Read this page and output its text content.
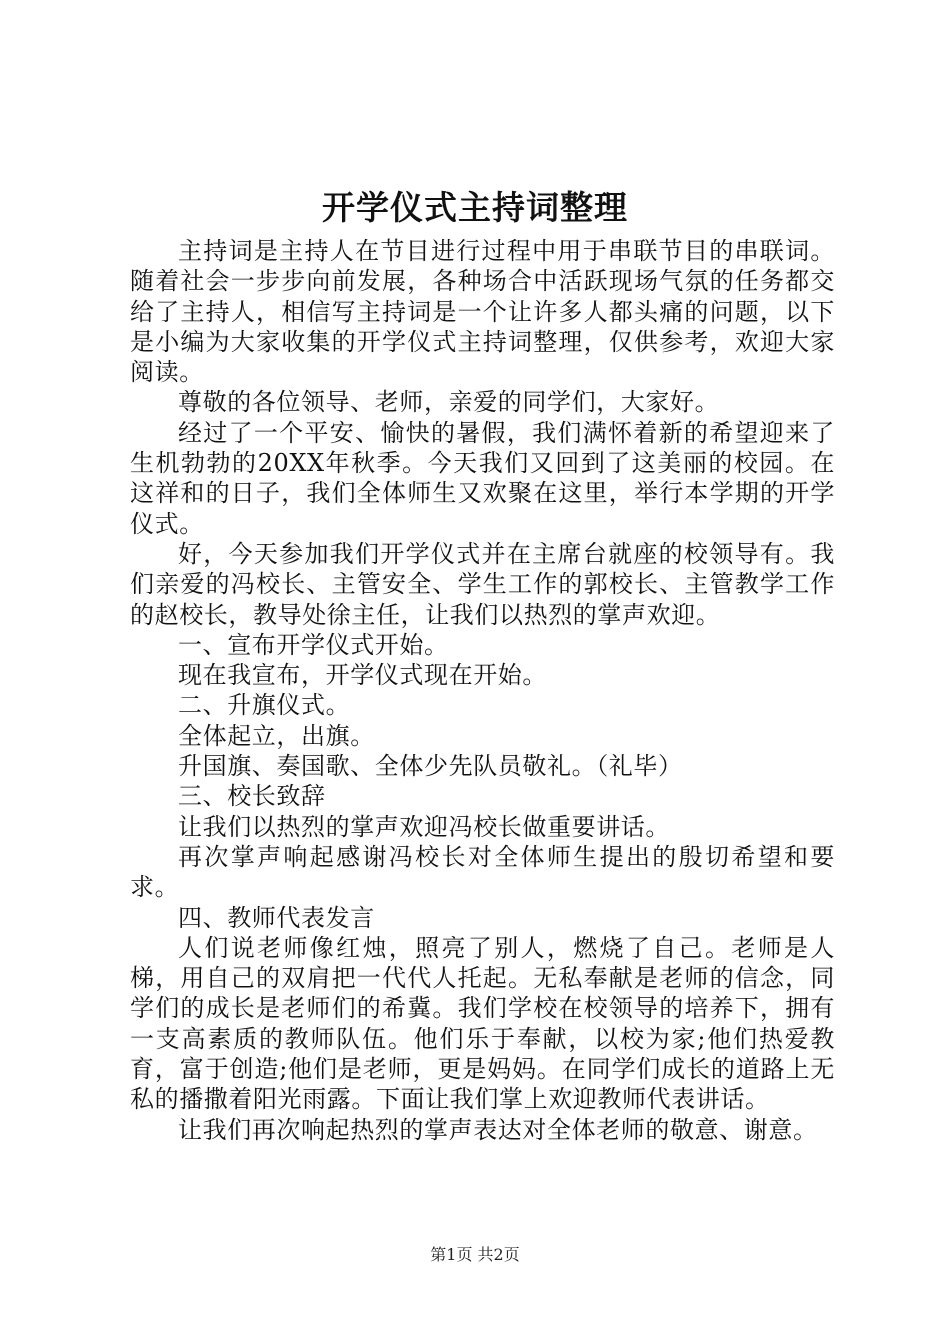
开学仪式主持词整理

主持词是主持人在节目进行过程中用于串联节目的串联词。随着社会一步步向前发展，各种场合中活跃现场气氛的任务都交给了主持人，相信写主持词是一个让许多人都头痛的问题，以下是小编为大家收集的开学仪式主持词整理，仅供参考，欢迎大家阅读。

尊敬的各位领导、老师，亲爱的同学们，大家好。

经过了一个平安、愉快的暑假，我们满怀着新的希望迎来了生机勃勃的20XX年秋季。今天我们又回到了这美丽的校园。在这祥和的日子，我们全体师生又欢聚在这里，举行本学期的开学仪式。

好，今天参加我们开学仪式并在主席台就座的校领导有。我们亲爱的冯校长、主管安全、学生工作的郭校长、主管教学工作的赵校长，教导处徐主任，让我们以热烈的掌声欢迎。

一、宣布开学仪式开始。

现在我宣布，开学仪式现在开始。

二、升旗仪式。

全体起立，出旗。

升国旗、奏国歌、全体少先队员敬礼。（礼毕）

三、校长致辞

让我们以热烈的掌声欢迎冯校长做重要讲话。

再次掌声响起感谢冯校长对全体师生提出的殷切希望和要求。

四、教师代表发言

人们说老师像红烛，照亮了别人，燃烧了自己。老师是人梯，用自己的双肩把一代代人托起。无私奉献是老师的信念，同学们的成长是老师们的希冀。我们学校在校领导的培养下，拥有一支高素质的教师队伍。他们乐于奉献，以校为家;他们热爱教育，富于创造;他们是老师，更是妈妈。在同学们成长的道路上无私的播撒着阳光雨露。下面让我们掌上欢迎教师代表讲话。

让我们再次响起热烈的掌声表达对全体老师的敬意、谢意。

第1页 共2页
